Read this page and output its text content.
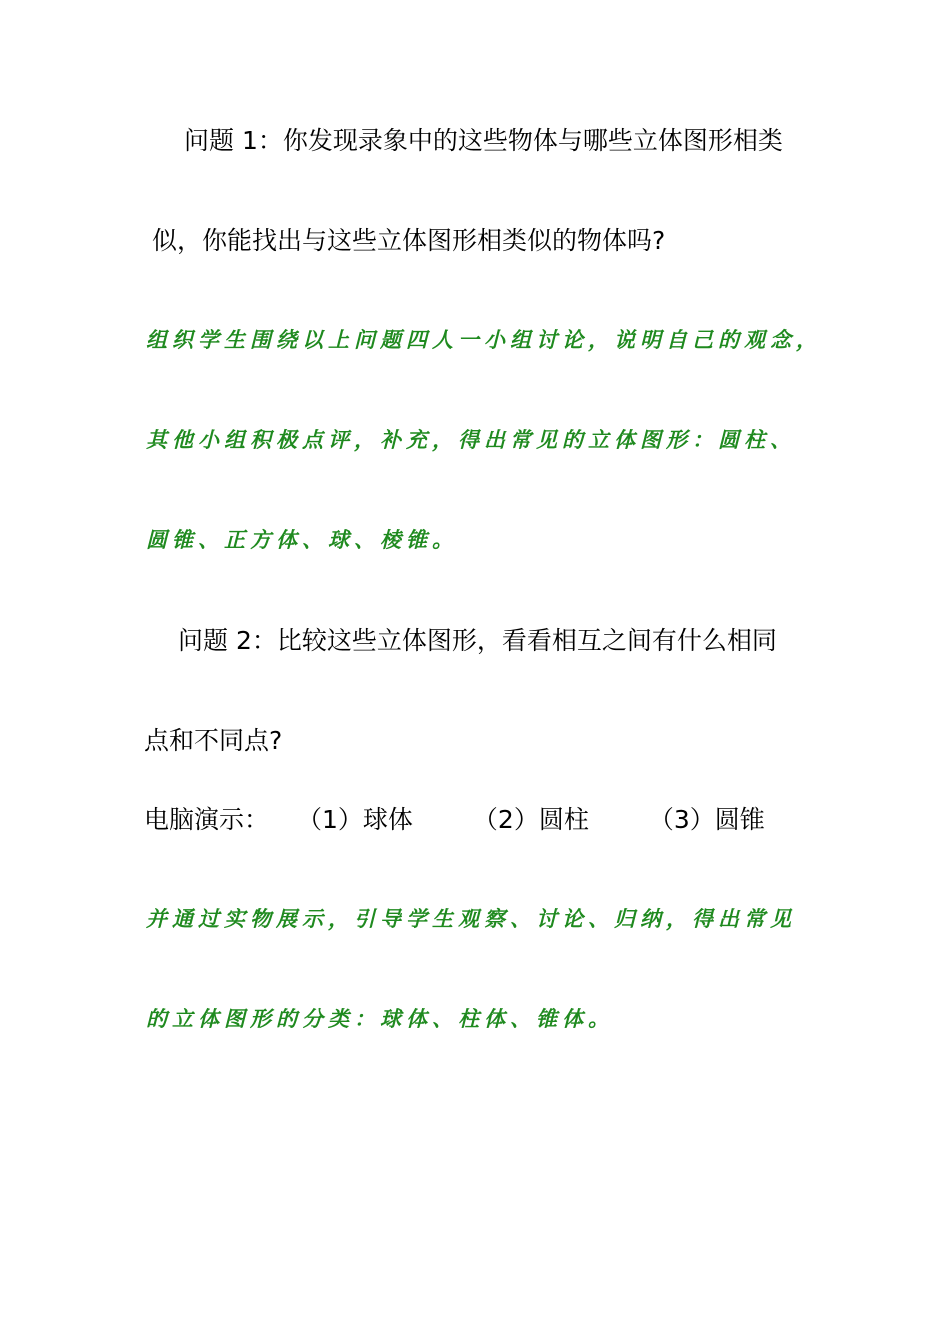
问题 1：你发现录象中的这些物体与哪些立体图形相类
似，你能找出与这些立体图形相类似的物体吗?
组织学生围绕以上问题四人一小组讨论，说明自己的观念，
其他小组积极点评，补充，得出常见的立体图形：圆柱、
圆锥、正方体、球、棱锥。
问题 2：比较这些立体图形，看看相互之间有什么相同
点和不同点?
电脑演示： （1）球体 （2）圆柱 （3）圆锥
并通过实物展示，引导学生观察、讨论、归纳，得出常见
的立体图形的分类：球体、柱体、锥体。
